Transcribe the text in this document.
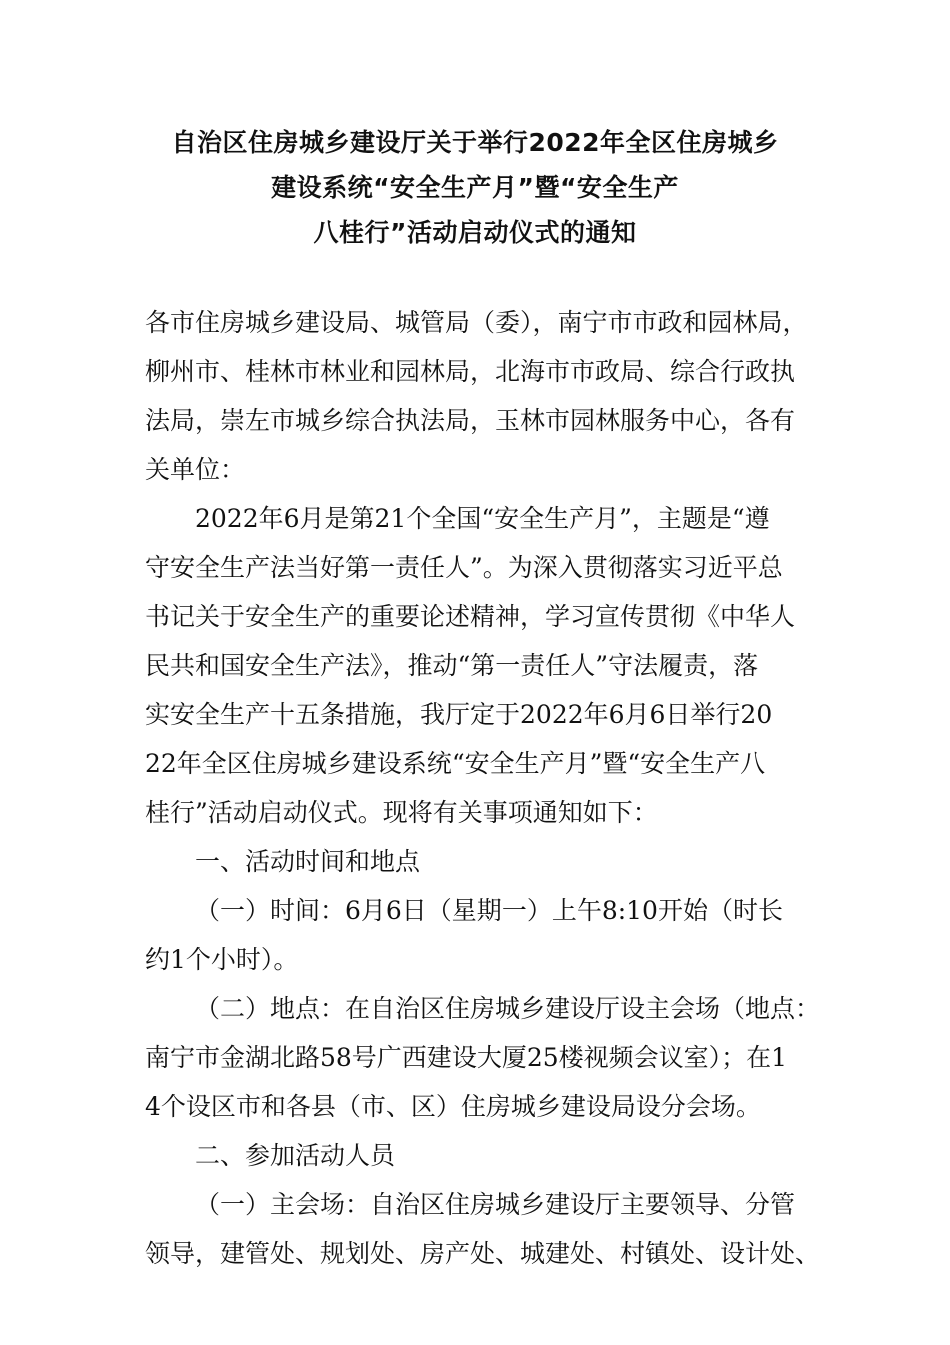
自治区住房城乡建设厅关于举行2022年全区住房城乡
建设系统“安全生产月”暨“安全生产
八桂行”活动启动仪式的通知

各市住房城乡建设局、城管局（委），南宁市市政和园林局，

柳州市、桂林市林业和园林局，北海市市政局、综合行政执

法局，崇左市城乡综合执法局，玉林市园林服务中心，各有

关单位：

2022年6月是第21个全国“安全生产月”，主题是“遵

守安全生产法当好第一责任人”。为深入贯彻落实习近平总

书记关于安全生产的重要论述精神，学习宣传贯彻《中华人

民共和国安全生产法》，推动“第一责任人”守法履责，落

实安全生产十五条措施，我厅定于2022年6月6日举行20

22年全区住房城乡建设系统“安全生产月”暨“安全生产八

桂行”活动启动仪式。现将有关事项通知如下：

一、活动时间和地点

（一）时间：6月6日（星期一）上午8:10开始（时长

约1个小时）。

（二）地点：在自治区住房城乡建设厅设主会场（地点：

南宁市金湖北路58号广西建设大厦25楼视频会议室）；在1

4个设区市和各县（市、区）住房城乡建设局设分会场。

二、参加活动人员

（一）主会场：自治区住房城乡建设厅主要领导、分管

领导，建管处、规划处、房产处、城建处、村镇处、设计处、
